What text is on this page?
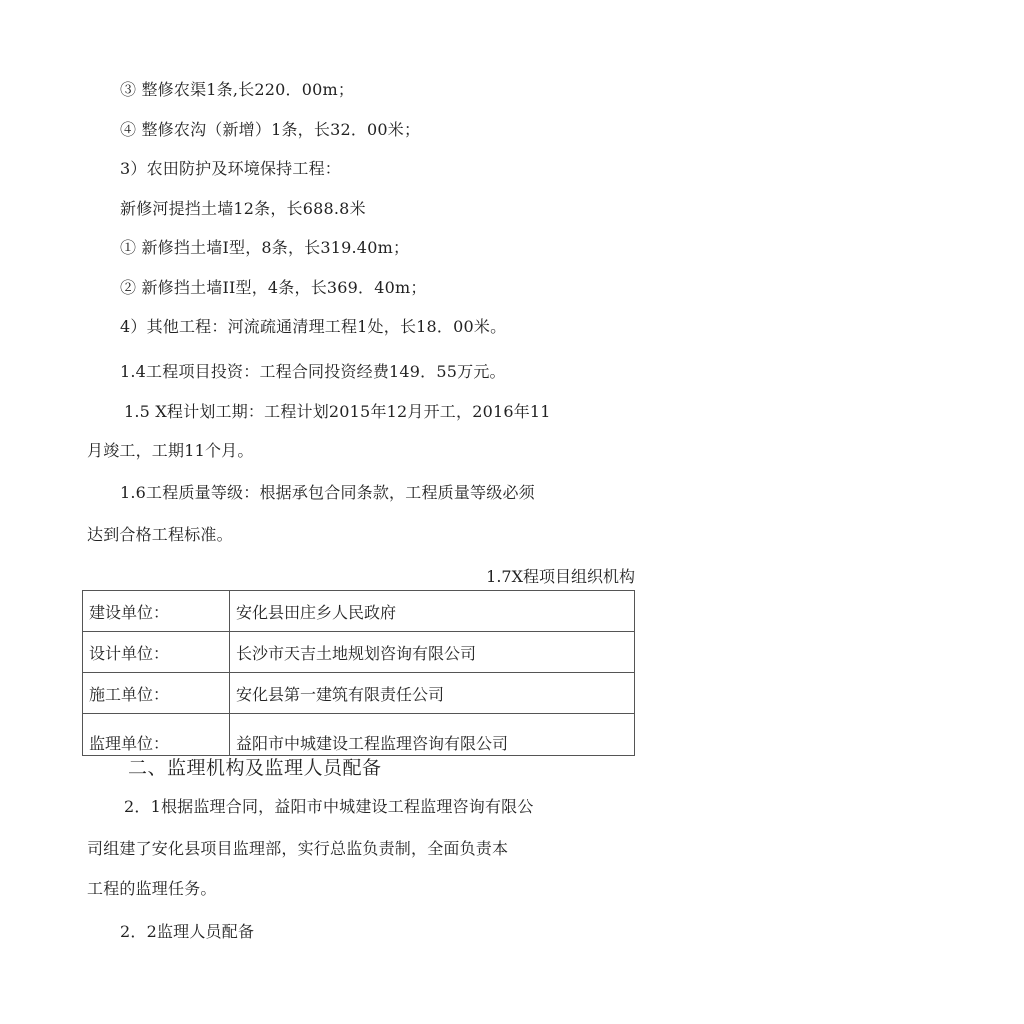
③ 整修农渠1条,长220．00m；
④ 整修农沟（新增）1条，长32．00米；
3）农田防护及环境保持工程：
新修河提挡土墙12条，长688.8米
① 新修挡土墙I型，8条，长319.40m；
② 新修挡土墙II型，4条，长369．40m；
4）其他工程：河流疏通清理工程1处，长18．00米。
1.4工程项目投资：工程合同投资经费149．55万元。
1.5 X程计划工期：工程计划2015年12月开工，2016年11
月竣工，工期11个月。
1.6工程质量等级：根据承包合同条款，工程质量等级必须
达到合格工程标准。
1.7X程项目组织机构
建设单位：	安化县田庄乡人民政府
设计单位：	长沙市天吉土地规划咨询有限公司
施工单位：	安化县第一建筑有限责任公司
监理单位：	益阳市中城建设工程监理咨询有限公司
二、监理机构及监理人员配备
2．1根据监理合同，益阳市中城建设工程监理咨询有限公
司组建了安化县项目监理部，实行总监负责制，全面负责本
工程的监理任务。
2．2监理人员配备
